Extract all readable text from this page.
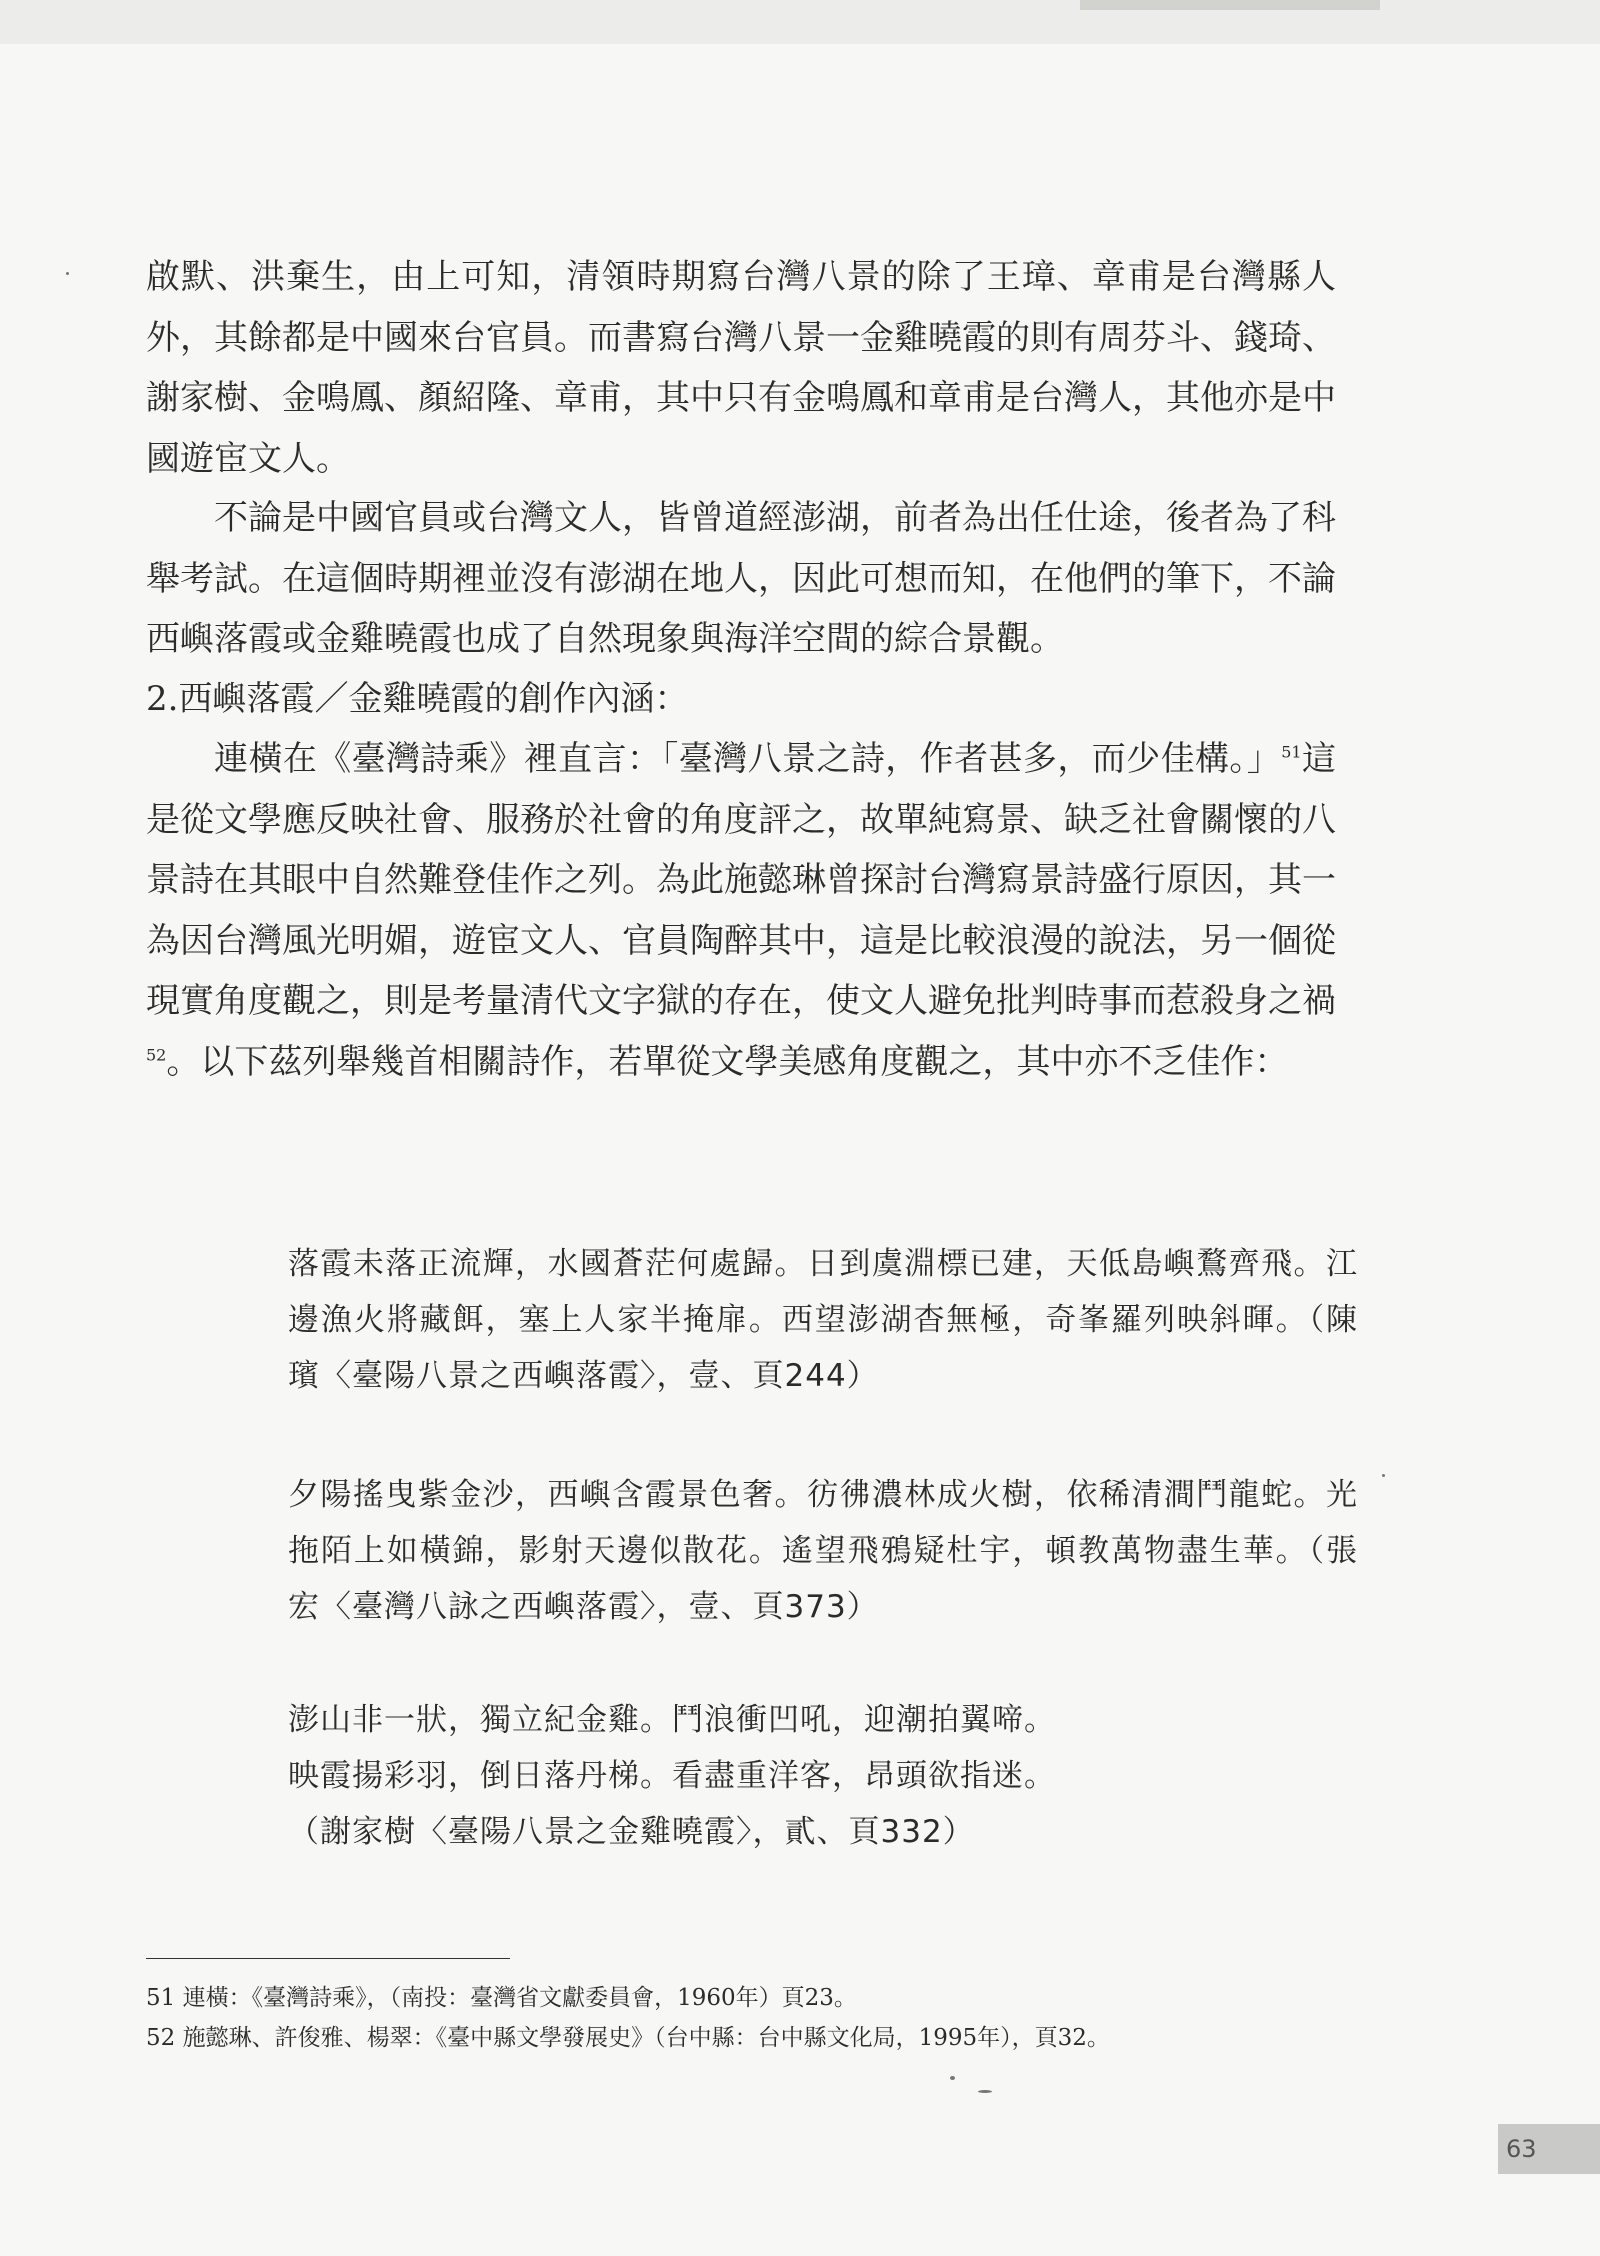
啟默、洪棄生，由上可知，清領時期寫台灣八景的除了王璋、章甫是台灣縣人外，其餘都是中國來台官員。而書寫台灣八景一金雞曉霞的則有周芬斗、錢琦、謝家樹、金鳴鳳、顏紹隆、章甫，其中只有金鳴鳳和章甫是台灣人，其他亦是中國遊宦文人。

不論是中國官員或台灣文人，皆曾道經澎湖，前者為出任仕途，後者為了科舉考試。在這個時期裡並沒有澎湖在地人，因此可想而知，在他們的筆下，不論西嶼落霞或金雞曉霞也成了自然現象與海洋空間的綜合景觀。

2.西嶼落霞／金雞曉霞的創作內涵：

連橫在《臺灣詩乘》裡直言：「臺灣八景之詩，作者甚多，而少佳構。」$^{51}$這是從文學應反映社會、服務於社會的角度評之，故單純寫景、缺乏社會關懷的八景詩在其眼中自然難登佳作之列。為此施懿琳曾探討台灣寫景詩盛行原因，其一為因台灣風光明媚，遊宦文人、官員陶醉其中，這是比較浪漫的說法，另一個從現實角度觀之，則是考量清代文字獄的存在，使文人避免批判時事而惹殺身之禍$^{52}$。以下茲列舉幾首相關詩作，若單從文學美感角度觀之，其中亦不乏佳作：

落霞未落正流輝，水國蒼茫何處歸。日到虞淵標已建，天低島嶼鶩齊飛。江邊漁火將藏餌，塞上人家半掩扉。西望澎湖杳無極，奇峯羅列映斜暉。（陳璸〈臺陽八景之西嶼落霞〉，壹、頁244）

夕陽搖曳紫金沙，西嶼含霞景色奢。彷彿濃林成火樹，依稀清澗鬥龍蛇。光拖陌上如橫錦，影射天邊似散花。遙望飛鴉疑杜宇，頓教萬物盡生華。（張宏〈臺灣八詠之西嶼落霞〉，壹、頁373）

澎山非一狀，獨立紀金雞。鬥浪衝凹吼，迎潮拍翼啼。

映霞揚彩羽，倒日落丹梯。看盡重洋客，昂頭欲指迷。

（謝家樹〈臺陽八景之金雞曉霞〉，貳、頁332）

51 連橫：《臺灣詩乘》，（南投：臺灣省文獻委員會，1960年）頁23。

52 施懿琳、許俊雅、楊翠：《臺中縣文學發展史》（台中縣：台中縣文化局，1995年），頁32。

63
